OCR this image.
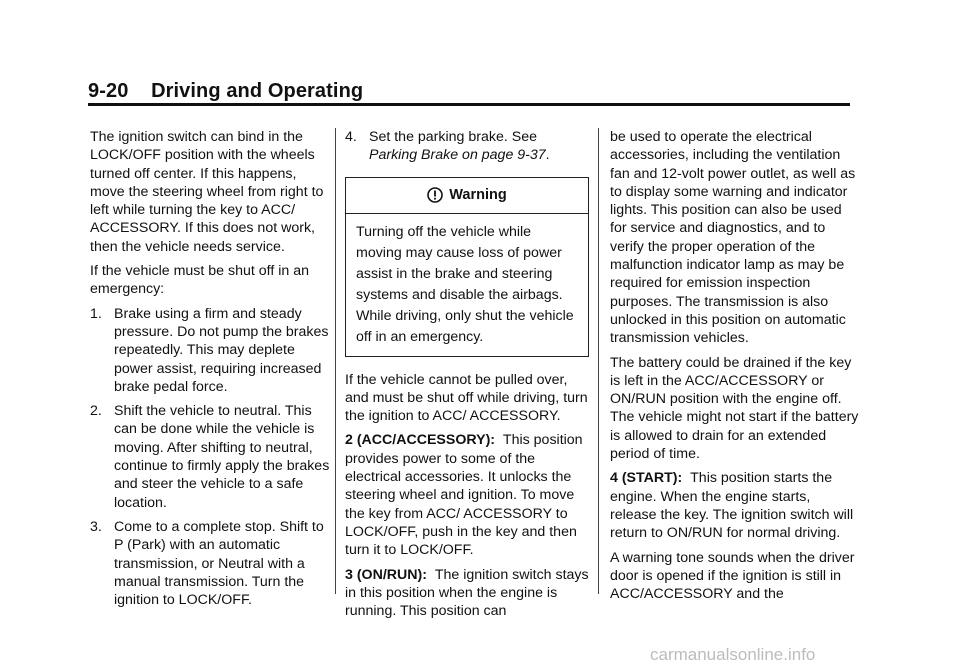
9-20 Driving and Operating

The ignition switch can bind in the LOCK/OFF position with the wheels turned off center. If this happens, move the steering wheel from right to left while turning the key to ACC/ ACCESSORY. If this does not work, then the vehicle needs service.

If the vehicle must be shut off in an emergency:

1. Brake using a firm and steady pressure. Do not pump the brakes repeatedly. This may deplete power assist, requiring increased brake pedal force.
2. Shift the vehicle to neutral. This can be done while the vehicle is moving. After shifting to neutral, continue to firmly apply the brakes and steer the vehicle to a safe location.
3. Come to a complete stop. Shift to P (Park) with an automatic transmission, or Neutral with a manual transmission. Turn the ignition to LOCK/OFF.
4. Set the parking brake. See
Parking Brake on page 9‑37.
Warning
Turning off the vehicle while moving may cause loss of power assist in the brake and steering systems and disable the airbags. While driving, only shut the vehicle off in an emergency.

If the vehicle cannot be pulled over, and must be shut off while driving, turn the ignition to ACC/ ACCESSORY.

2 (ACC/ACCESSORY): This position provides power to some of the electrical accessories. It unlocks the steering wheel and ignition. To move the key from ACC/ ACCESSORY to LOCK/OFF, push in the key and then turn it to LOCK/OFF.

3 (ON/RUN): The ignition switch stays in this position when the engine is running. This position can

be used to operate the electrical accessories, including the ventilation fan and 12-volt power outlet, as well as to display some warning and indicator lights. This position can also be used for service and diagnostics, and to verify the proper operation of the malfunction indicator lamp as may be required for emission inspection purposes. The transmission is also unlocked in this position on automatic transmission vehicles.

The battery could be drained if the key is left in the ACC/ACCESSORY or ON/RUN position with the engine off. The vehicle might not start if the battery is allowed to drain for an extended period of time.

4 (START): This position starts the engine. When the engine starts, release the key. The ignition switch will return to ON/RUN for normal driving.

A warning tone sounds when the driver door is opened if the ignition is still in ACC/ACCESSORY and the

carmanualsonline.info
